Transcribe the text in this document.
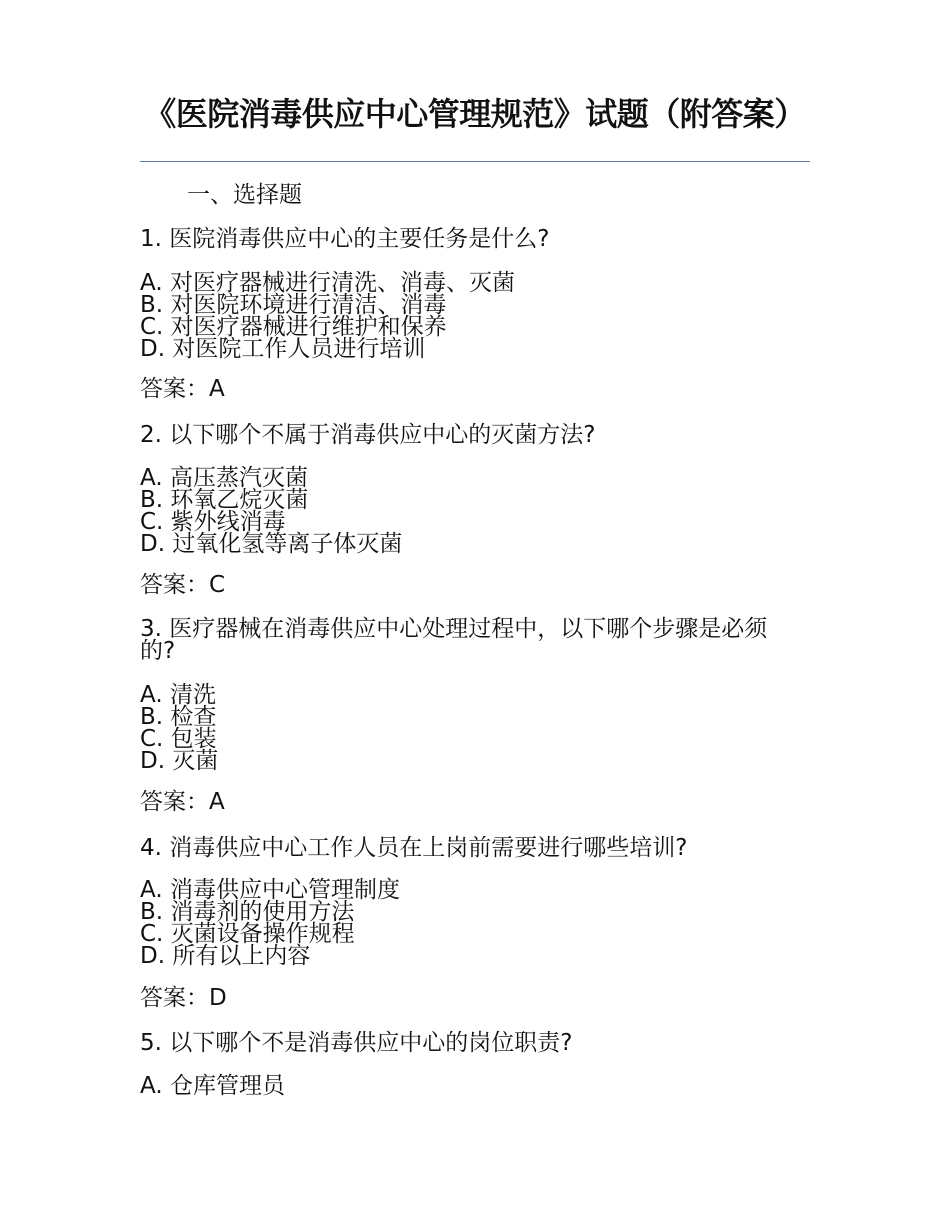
《医院消毒供应中心管理规范》试题（附答案）
一、选择题
1. 医院消毒供应中心的主要任务是什么?
A. 对医疗器械进行清洗、消毒、灭菌
B. 对医院环境进行清洁、消毒
C. 对医疗器械进行维护和保养
D. 对医院工作人员进行培训
答案：A
2. 以下哪个不属于消毒供应中心的灭菌方法?
A. 高压蒸汽灭菌
B. 环氧乙烷灭菌
C. 紫外线消毒
D. 过氧化氢等离子体灭菌
答案：C
3. 医疗器械在消毒供应中心处理过程中，以下哪个步骤是必须的?
A. 清洗
B. 检查
C. 包装
D. 灭菌
答案：A
4. 消毒供应中心工作人员在上岗前需要进行哪些培训?
A. 消毒供应中心管理制度
B. 消毒剂的使用方法
C. 灭菌设备操作规程
D. 所有以上内容
答案：D
5. 以下哪个不是消毒供应中心的岗位职责?
A. 仓库管理员
